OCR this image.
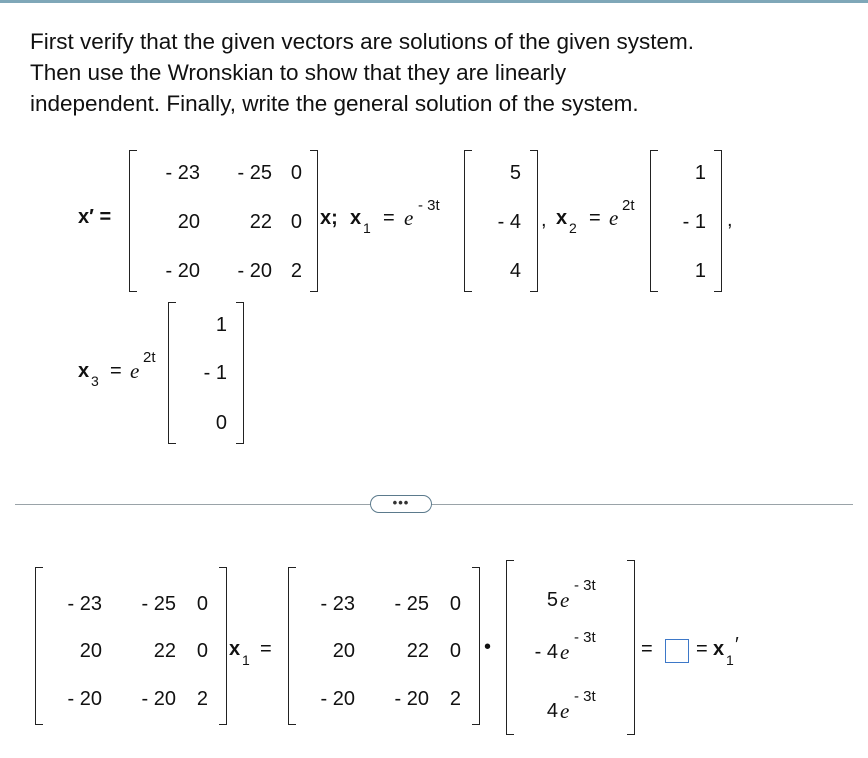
First verify that the given vectors are solutions of the given system.
Then use the Wronskian to show that they are linearly
independent. Finally, write the general solution of the system.
x′ =
- 23	- 25 0
20	22 0
- 20	- 20 2
x; x 1 = e
- 3t
5
- 4
4
, x 2 = e
2t
1
- 1
1
,
x 3 = e
2t
1
- 1
0
•••
- 23	- 25	0
20	22	0
- 20	- 20	2
x 1 =
- 23	- 25	0
20	22	0
- 20	- 20	2
•
5 e
- 3t
- 4 e
- 3t
4 e
- 3t
= = x 1
′
